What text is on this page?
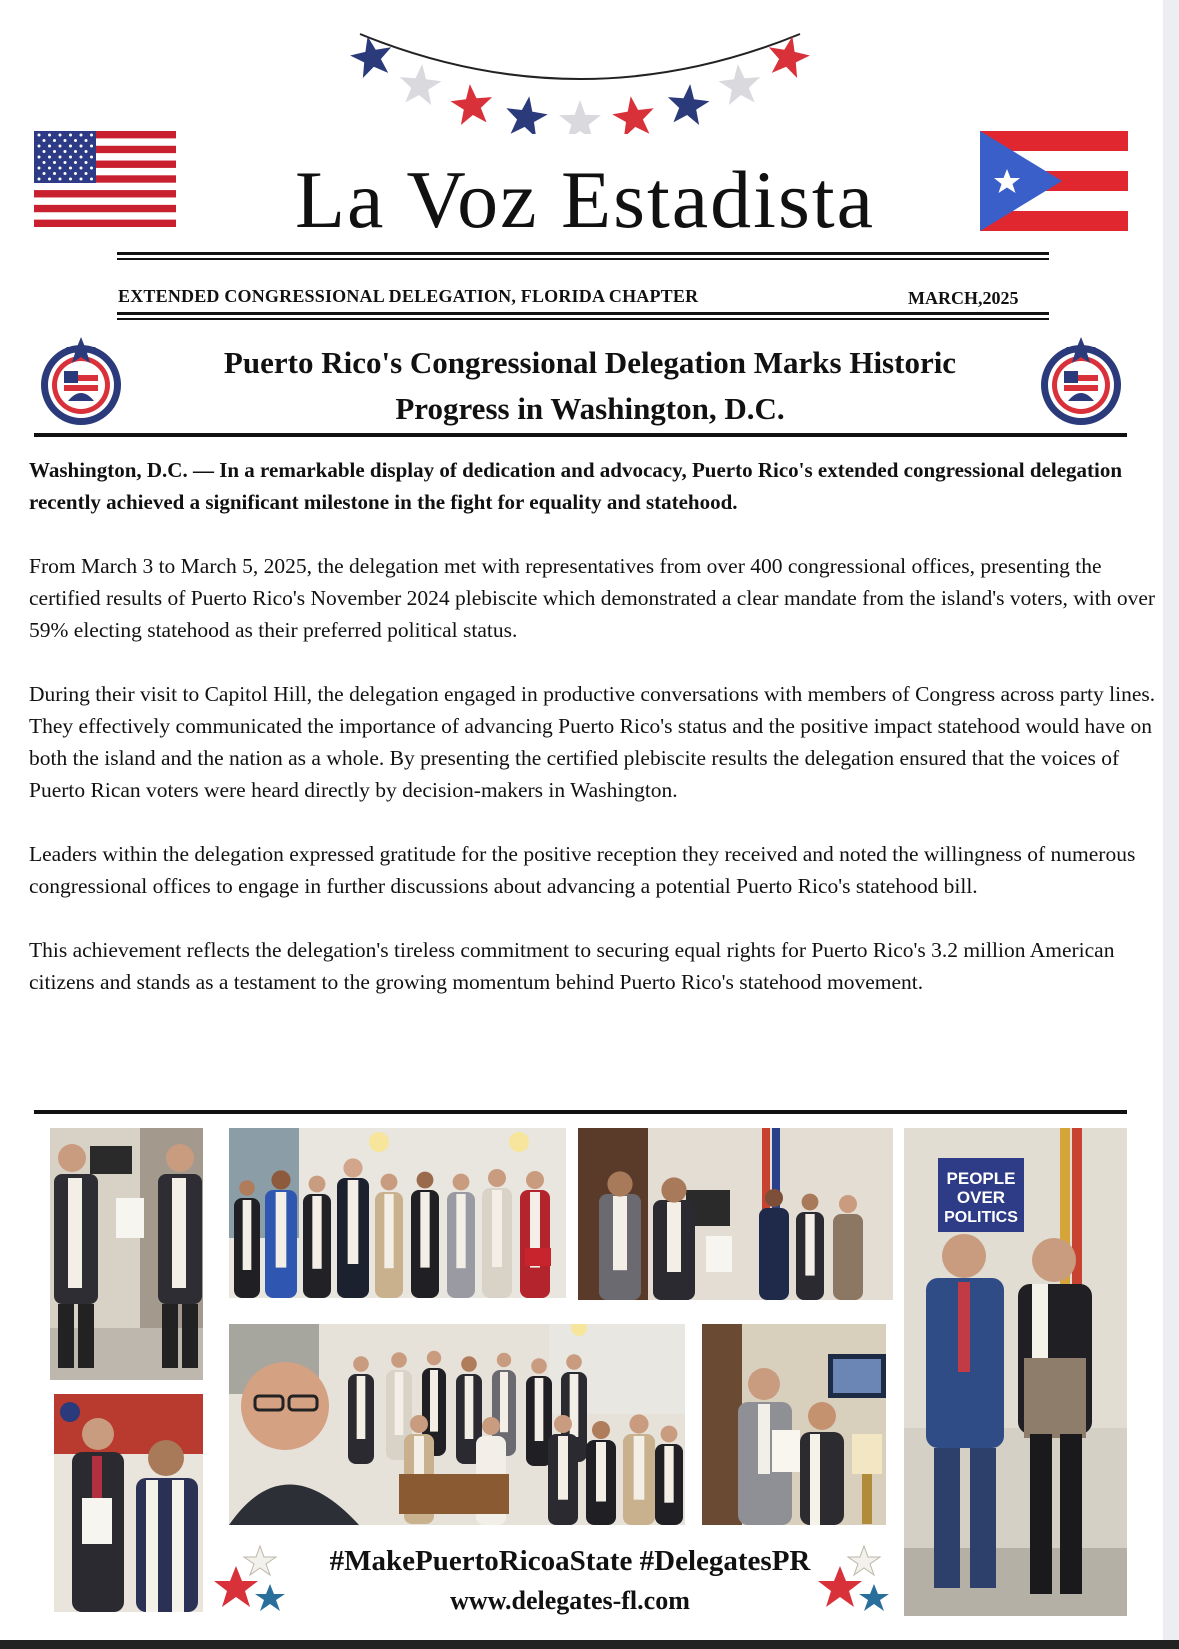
La Voz Estadista
EXTENDED CONGRESSIONAL DELEGATION, FLORIDA CHAPTER	MARCH,2025
Puerto Rico's Congressional Delegation Marks Historic
Progress in Washington, D.C.

Washington, D.C. — In a remarkable display of dedication and advocacy, Puerto Rico's extended congressional delegation recently achieved a significant milestone in the fight for equality and statehood.

From March 3 to March 5, 2025, the delegation met with representatives from over 400 congressional offices, presenting the certified results of Puerto Rico's November 2024 plebiscite which demonstrated a clear mandate from the island's voters, with over 59% electing statehood as their preferred political status.

During their visit to Capitol Hill, the delegation engaged in productive conversations with members of Congress across party lines. They effectively communicated the importance of advancing Puerto Rico's status and the positive impact statehood would have on both the island and the nation as a whole. By presenting the certified plebiscite results the delegation ensured that the voices of Puerto Rican voters were heard directly by decision-makers in Washington.

Leaders within the delegation expressed gratitude for the positive reception they received and noted the willingness of numerous congressional offices to engage in further discussions about advancing a potential Puerto Rico's statehood bill.

This achievement reflects the delegation's tireless commitment to securing equal rights for Puerto Rico's 3.2 million American citizens and stands as a testament to the growing momentum behind Puerto Rico's statehood movement.

PEOPLE
OVER
POLITICS
#MakePuertoRicoaState #DelegatesPR
www.delegates-fl.com
